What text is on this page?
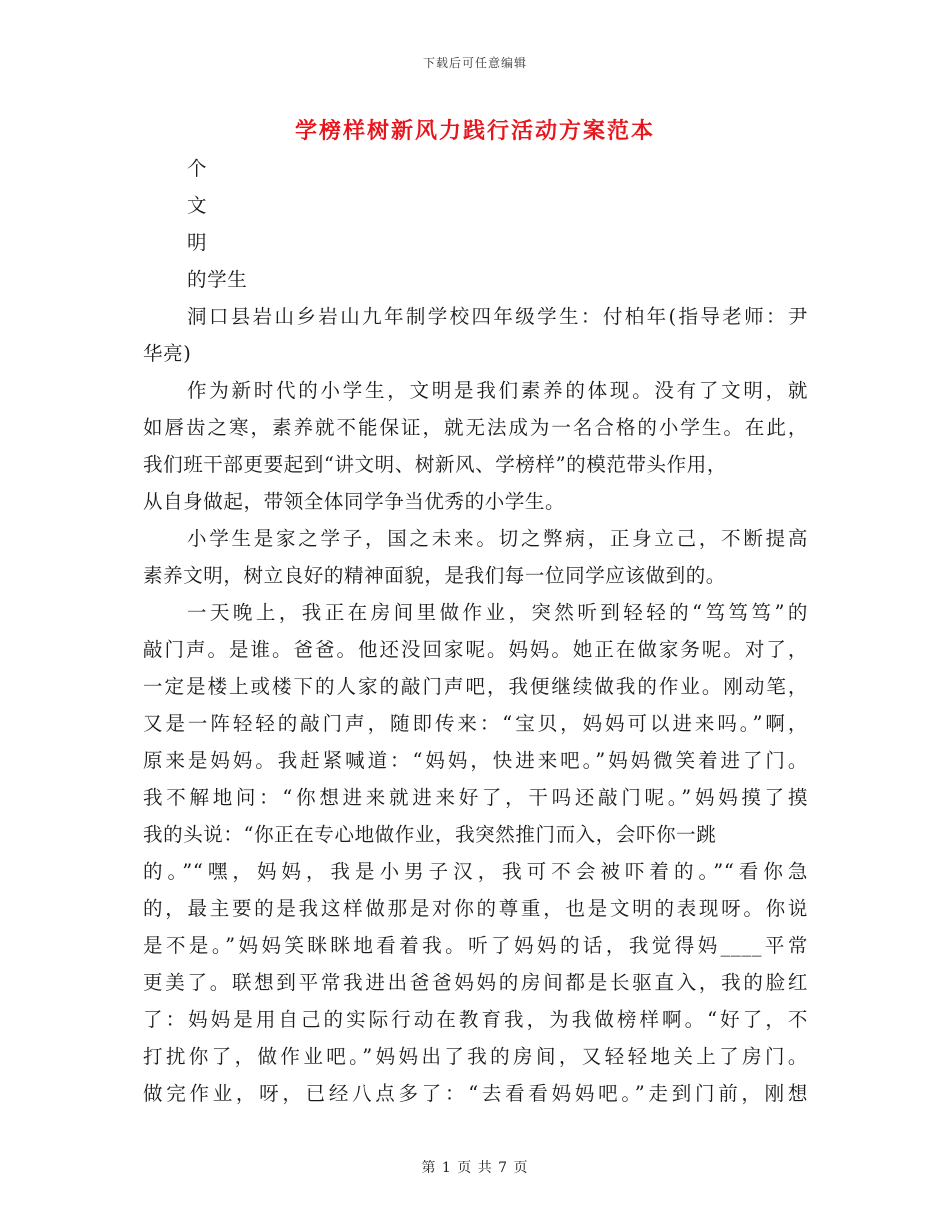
下载后可任意编辑
学榜样树新风力践行活动方案范本
个
文
明
的学生
洞口县岩山乡岩山九年制学校四年级学生：付柏年(指导老师：尹
华亮)
作为新时代的小学生，文明是我们素养的体现。没有了文明，就
如唇齿之寒，素养就不能保证，就无法成为一名合格的小学生。在此，
我们班干部更要起到“讲文明、树新风、学榜样”的模范带头作用，
从自身做起，带领全体同学争当优秀的小学生。
小学生是家之学子，国之未来。切之弊病，正身立己，不断提高
素养文明，树立良好的精神面貌，是我们每一位同学应该做到的。
一天晚上，我正在房间里做作业，突然听到轻轻的“笃笃笃”的
敲门声。是谁。爸爸。他还没回家呢。妈妈。她正在做家务呢。对了，
一定是楼上或楼下的人家的敲门声吧，我便继续做我的作业。刚动笔，
又是一阵轻轻的敲门声，随即传来：“宝贝，妈妈可以进来吗。”啊，
原来是妈妈。我赶紧喊道：“妈妈，快进来吧。”妈妈微笑着进了门。
我不解地问：“你想进来就进来好了，干吗还敲门呢。”妈妈摸了摸
我的头说：“你正在专心地做作业，我突然推门而入，会吓你一跳
的。”“嘿，妈妈，我是小男子汉，我可不会被吓着的。”“看你急
的，最主要的是我这样做那是对你的尊重，也是文明的表现呀。你说
是不是。”妈妈笑眯眯地看着我。听了妈妈的话，我觉得妈____平常
更美了。联想到平常我进出爸爸妈妈的房间都是长驱直入，我的脸红
了：妈妈是用自己的实际行动在教育我，为我做榜样啊。“好了，不
打扰你了，做作业吧。”妈妈出了我的房间，又轻轻地关上了房门。
做完作业，呀，已经八点多了：“去看看妈妈吧。”走到门前，刚想
第 1 页 共 7 页
